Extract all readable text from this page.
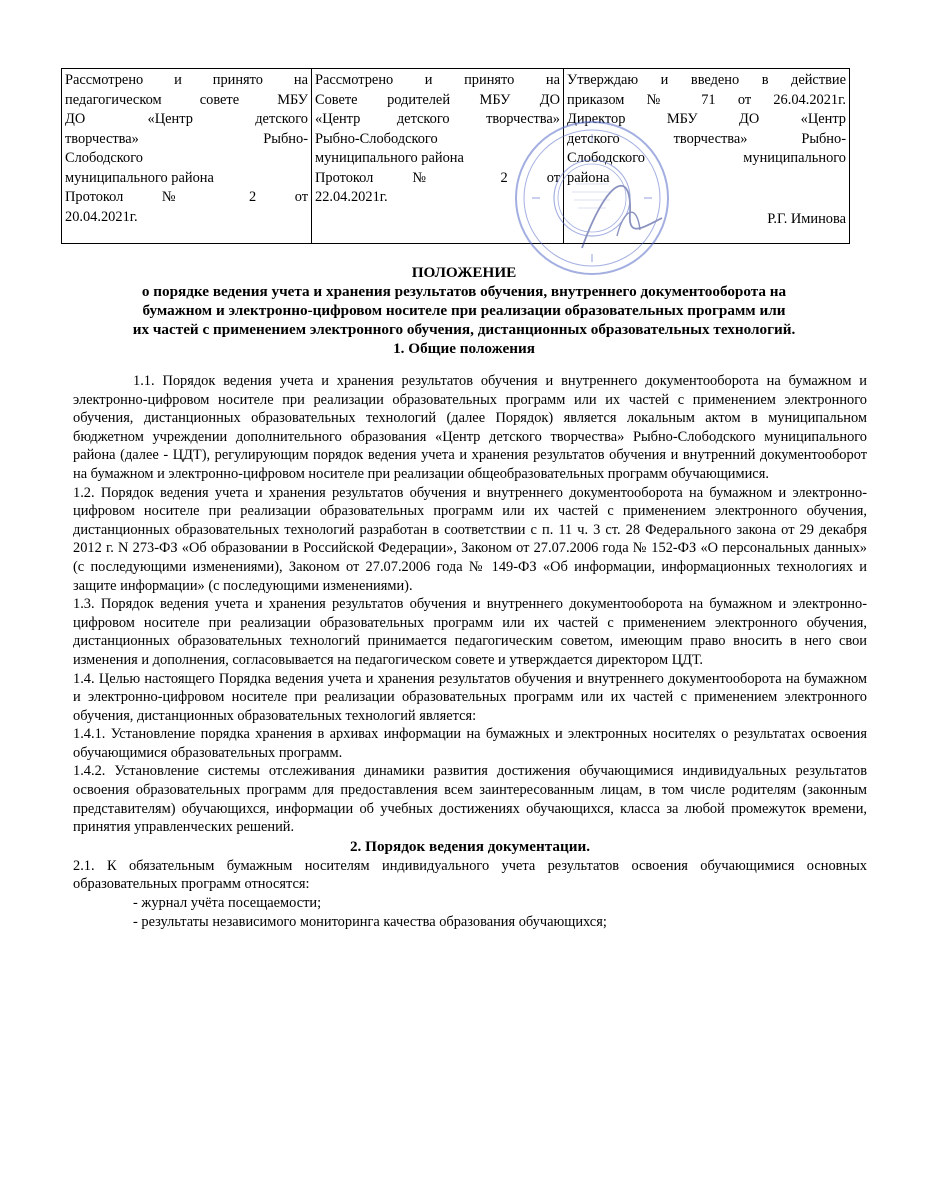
Рассмотрено и принято на
педагогическом совете МБУ
ДО «Центр детского
творчества» Рыбно-
Слободского
муниципального района
Протокол № 2 от
20.04.2021г.

Рассмотрено и принято на
Совете родителей МБУ ДО
«Центр детского творчества»
Рыбно-Слободского
муниципального района
Протокол № 2 от
22.04.2021г.

Утверждаю и введено в действие
приказом № 71 от 26.04.2021г.
Директор МБУ ДО «Центр
детского творчества» Рыбно-
Слободского муниципального
района
Р.Г. Иминова
ПОЛОЖЕНИЕ
о порядке ведения учета и хранения результатов обучения, внутреннего документооборота на
бумажном и электронно-цифровом носителе при реализации образовательных программ или
их частей с применением электронного обучения, дистанционных образовательных технологий.
1. Общие положения

1.1. Порядок ведения учета и хранения результатов обучения и внутреннего документооборота на бумажном и электронно-цифровом носителе при реализации образовательных программ или их частей с применением электронного обучения, дистанционных образовательных технологий (далее Порядок) является локальным актом в муниципальном бюджетном учреждении дополнительного образования «Центр детского творчества» Рыбно-Слободского муниципального района (далее - ЦДТ), регулирующим порядок ведения учета и хранения результатов обучения и внутренний документооборот на бумажном и электронно-цифровом носителе при реализации общеобразовательных программ обучающимися.

1.2. Порядок ведения учета и хранения результатов обучения и внутреннего документооборота на бумажном и электронно-цифровом носителе при реализации образовательных программ или их частей с применением электронного обучения, дистанционных образовательных технологий разработан в соответствии с п. 11 ч. 3 ст. 28 Федерального закона от 29 декабря 2012 г. N 273-ФЗ «Об образовании в Российской Федерации», Законом от 27.07.2006 года № 152-ФЗ «О персональных данных» (с последующими изменениями), Законом от 27.07.2006 года № 149-ФЗ «Об информации, информационных технологиях и защите информации» (с последующими изменениями).

1.3. Порядок ведения учета и хранения результатов обучения и внутреннего документооборота на бумажном и электронно-цифровом носителе при реализации образовательных программ или их частей с применением электронного обучения, дистанционных образовательных технологий принимается педагогическим советом, имеющим право вносить в него свои изменения и дополнения, согласовывается на педагогическом совете и утверждается директором ЦДТ.

1.4. Целью настоящего Порядка ведения учета и хранения результатов обучения и внутреннего документооборота на бумажном и электронно-цифровом носителе при реализации образовательных программ или их частей с применением электронного обучения, дистанционных образовательных технологий является:

1.4.1. Установление порядка хранения в архивах информации на бумажных и электронных носителях о результатах освоения обучающимися образовательных программ.

1.4.2. Установление системы отслеживания динамики развития достижения обучающимися индивидуальных результатов освоения образовательных программ для предоставления всем заинтересованным лицам, в том числе родителям (законным представителям) обучающихся, информации об учебных достижениях обучающихся, класса за любой промежуток времени, принятия управленческих решений.

2. Порядок ведения документации.

2.1. К обязательным бумажным носителям индивидуального учета результатов освоения обучающимися основных образовательных программ относятся:

- журнал учёта посещаемости;

- результаты независимого мониторинга качества образования обучающихся;
